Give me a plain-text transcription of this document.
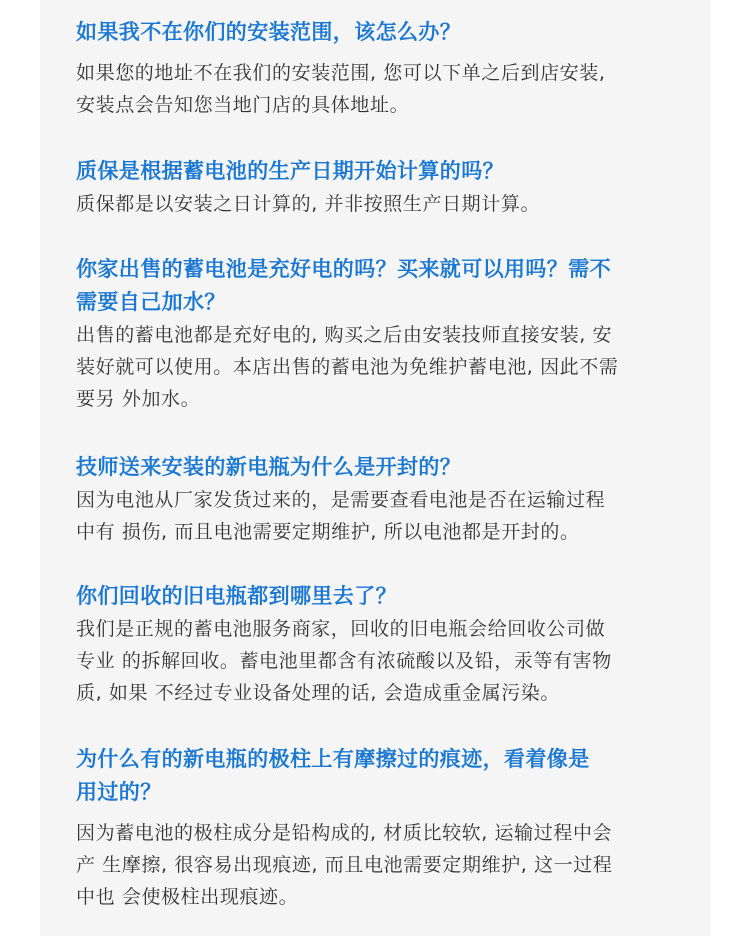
如果我不在你们的安装范围，该怎么办？

如果您的地址不在我们的安装范围, 您可以下单之后到店安装,
安装点会告知您当地门店的具体地址。

质保是根据蓄电池的生产日期开始计算的吗？

质保都是以安装之日计算的, 并非按照生产日期计算。

你家出售的蓄电池是充好电的吗？买来就可以用吗？需不
需要自己加水？

出售的蓄电池都是充好电的, 购买之后由安装技师直接安装, 安
装好就可以使用。本店出售的蓄电池为免维护蓄电池, 因此不需
要另 外加水。

技师送来安装的新电瓶为什么是开封的？

因为电池从厂家发货过来的，是需要查看电池是否在运输过程
中有 损伤, 而且电池需要定期维护, 所以电池都是开封的。

你们回收的旧电瓶都到哪里去了？

我们是正规的蓄电池服务商家，回收的旧电瓶会给回收公司做
专业 的拆解回收。蓄电池里都含有浓硫酸以及铅，汞等有害物
质, 如果 不经过专业设备处理的话, 会造成重金属污染。

为什么有的新电瓶的极柱上有摩擦过的痕迹，看着像是
用过的？

因为蓄电池的极柱成分是铅构成的, 材质比较软, 运输过程中会
产 生摩擦, 很容易出现痕迹, 而且电池需要定期维护, 这一过程
中也 会使极柱出现痕迹。
